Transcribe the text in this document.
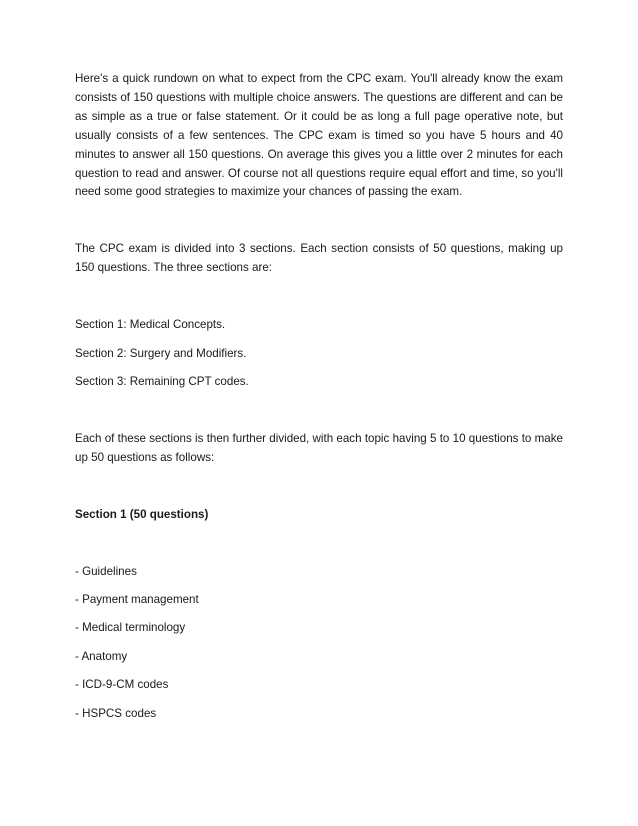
Here's a quick rundown on what to expect from the CPC exam. You'll already know the exam consists of 150 questions with multiple choice answers. The questions are different and can be as simple as a true or false statement. Or it could be as long a full page operative note, but usually consists of a few sentences. The CPC exam is timed so you have 5 hours and 40 minutes to answer all 150 questions. On average this gives you a little over 2 minutes for each question to read and answer. Of course not all questions require equal effort and time, so you'll need some good strategies to maximize your chances of passing the exam.

The CPC exam is divided into 3 sections. Each section consists of 50 questions, making up 150 questions. The three sections are:

Section 1: Medical Concepts.

Section 2: Surgery and Modifiers.

Section 3: Remaining CPT codes.

Each of these sections is then further divided, with each topic having 5 to 10 questions to make up 50 questions as follows:

Section 1 (50 questions)

- Guidelines

- Payment management

- Medical terminology

- Anatomy

- ICD-9-CM codes

- HSPCS codes
